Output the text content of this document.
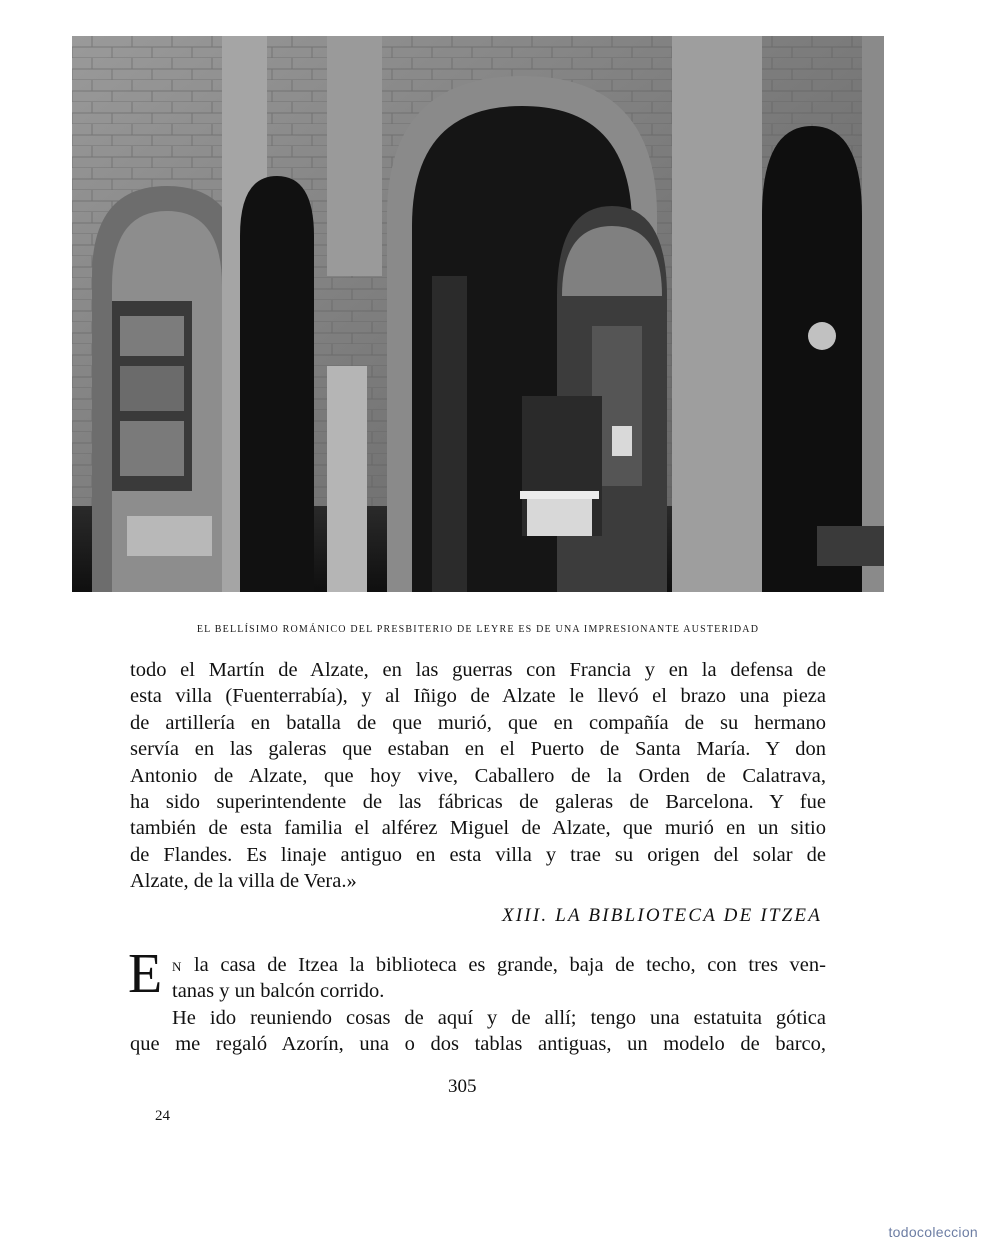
EL BELLÍSIMO ROMÁNICO DEL PRESBITERIO DE LEYRE ES DE UNA IMPRESIONANTE AUSTERIDAD
todo el Martín de Alzate, en las guerras con Francia y en la defensa de
esta villa (Fuenterrabía), y al Iñigo de Alzate le llevó el brazo una pieza
de artillería en batalla de que murió, que en compañía de su hermano
servía en las galeras que estaban en el Puerto de Santa María. Y don
Antonio de Alzate, que hoy vive, Caballero de la Orden de Calatrava,
ha sido superintendente de las fábricas de galeras de Barcelona. Y fue
también de esta familia el alférez Miguel de Alzate, que murió en un sitio
de Flandes. Es linaje antiguo en esta villa y trae su origen del solar de
Alzate, de la villa de Vera.»
XIII. LA BIBLIOTECA DE ITZEA
E N la casa de Itzea la biblioteca es grande, baja de techo, con tres ven-
tanas y un balcón corrido.
He ido reuniendo cosas de aquí y de allí; tengo una estatuita gótica
que me regaló Azorín, una o dos tablas antiguas, un modelo de barco,
305
24
todocoleccion
